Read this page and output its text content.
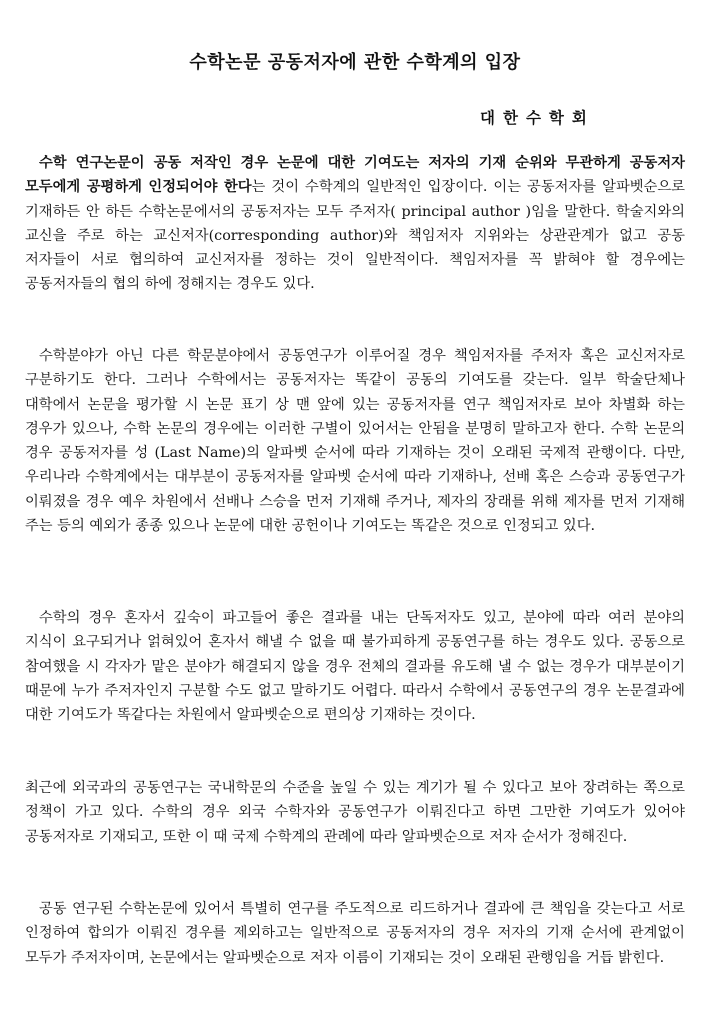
수학논문 공동저자에 관한 수학계의 입장
대한수학회

수학 연구논문이 공동 저작인 경우 논문에 대한 기여도는 저자의 기재 순위와 무관하게 공동저자 모두에게 공평하게 인정되어야 한다는 것이 수학계의 일반적인 입장이다. 이는 공동저자를 알파벳순으로 기재하든 안 하든 수학논문에서의 공동저자는 모두 주저자( principal author )임을 말한다. 학술지와의 교신을 주로 하는 교신저자(corresponding author)와 책임저자 지위와는 상관관계가 없고 공동 저자들이 서로 협의하여 교신저자를 정하는 것이 일반적이다. 책임저자를 꼭 밝혀야 할 경우에는 공동저자들의 협의 하에 정해지는 경우도 있다.

수학분야가 아닌 다른 학문분야에서 공동연구가 이루어질 경우 책임저자를 주저자 혹은 교신저자로 구분하기도 한다. 그러나 수학에서는 공동저자는 똑같이 공동의 기여도를 갖는다. 일부 학술단체나 대학에서 논문을 평가할 시 논문 표기 상 맨 앞에 있는 공동저자를 연구 책임저자로 보아 차별화 하는 경우가 있으나, 수학 논문의 경우에는 이러한 구별이 있어서는 안됨을 분명히 말하고자 한다. 수학 논문의 경우 공동저자를 성 (Last Name)의 알파벳 순서에 따라 기재하는 것이 오래된 국제적 관행이다. 다만, 우리나라 수학계에서는 대부분이 공동저자를 알파벳 순서에 따라 기재하나, 선배 혹은 스승과 공동연구가 이뤄졌을 경우 예우 차원에서 선배나 스승을 먼저 기재해 주거나, 제자의 장래를 위해 제자를 먼저 기재해 주는 등의 예외가 종종 있으나 논문에 대한 공헌이나 기여도는 똑같은 것으로 인정되고 있다.

수학의 경우 혼자서 깊숙이 파고들어 좋은 결과를 내는 단독저자도 있고, 분야에 따라 여러 분야의 지식이 요구되거나 얽혀있어 혼자서 해낼 수 없을 때 불가피하게 공동연구를 하는 경우도 있다. 공동으로 참여했을 시 각자가 맡은 분야가 해결되지 않을 경우 전체의 결과를 유도해 낼 수 없는 경우가 대부분이기 때문에 누가 주저자인지 구분할 수도 없고 말하기도 어렵다. 따라서 수학에서 공동연구의 경우 논문결과에 대한 기여도가 똑같다는 차원에서 알파벳순으로 편의상 기재하는 것이다.

최근에 외국과의 공동연구는 국내학문의 수준을 높일 수 있는 계기가 될 수 있다고 보아 장려하는 쪽으로 정책이 가고 있다. 수학의 경우 외국 수학자와 공동연구가 이뤄진다고 하면 그만한 기여도가 있어야 공동저자로 기재되고, 또한 이 때 국제 수학계의 관례에 따라 알파벳순으로 저자 순서가 정해진다.

공동 연구된 수학논문에 있어서 특별히 연구를 주도적으로 리드하거나 결과에 큰 책임을 갖는다고 서로 인정하여 합의가 이뤄진 경우를 제외하고는 일반적으로 공동저자의 경우 저자의 기재 순서에 관계없이 모두가 주저자이며, 논문에서는 알파벳순으로 저자 이름이 기재되는 것이 오래된 관행임을 거듭 밝힌다.
